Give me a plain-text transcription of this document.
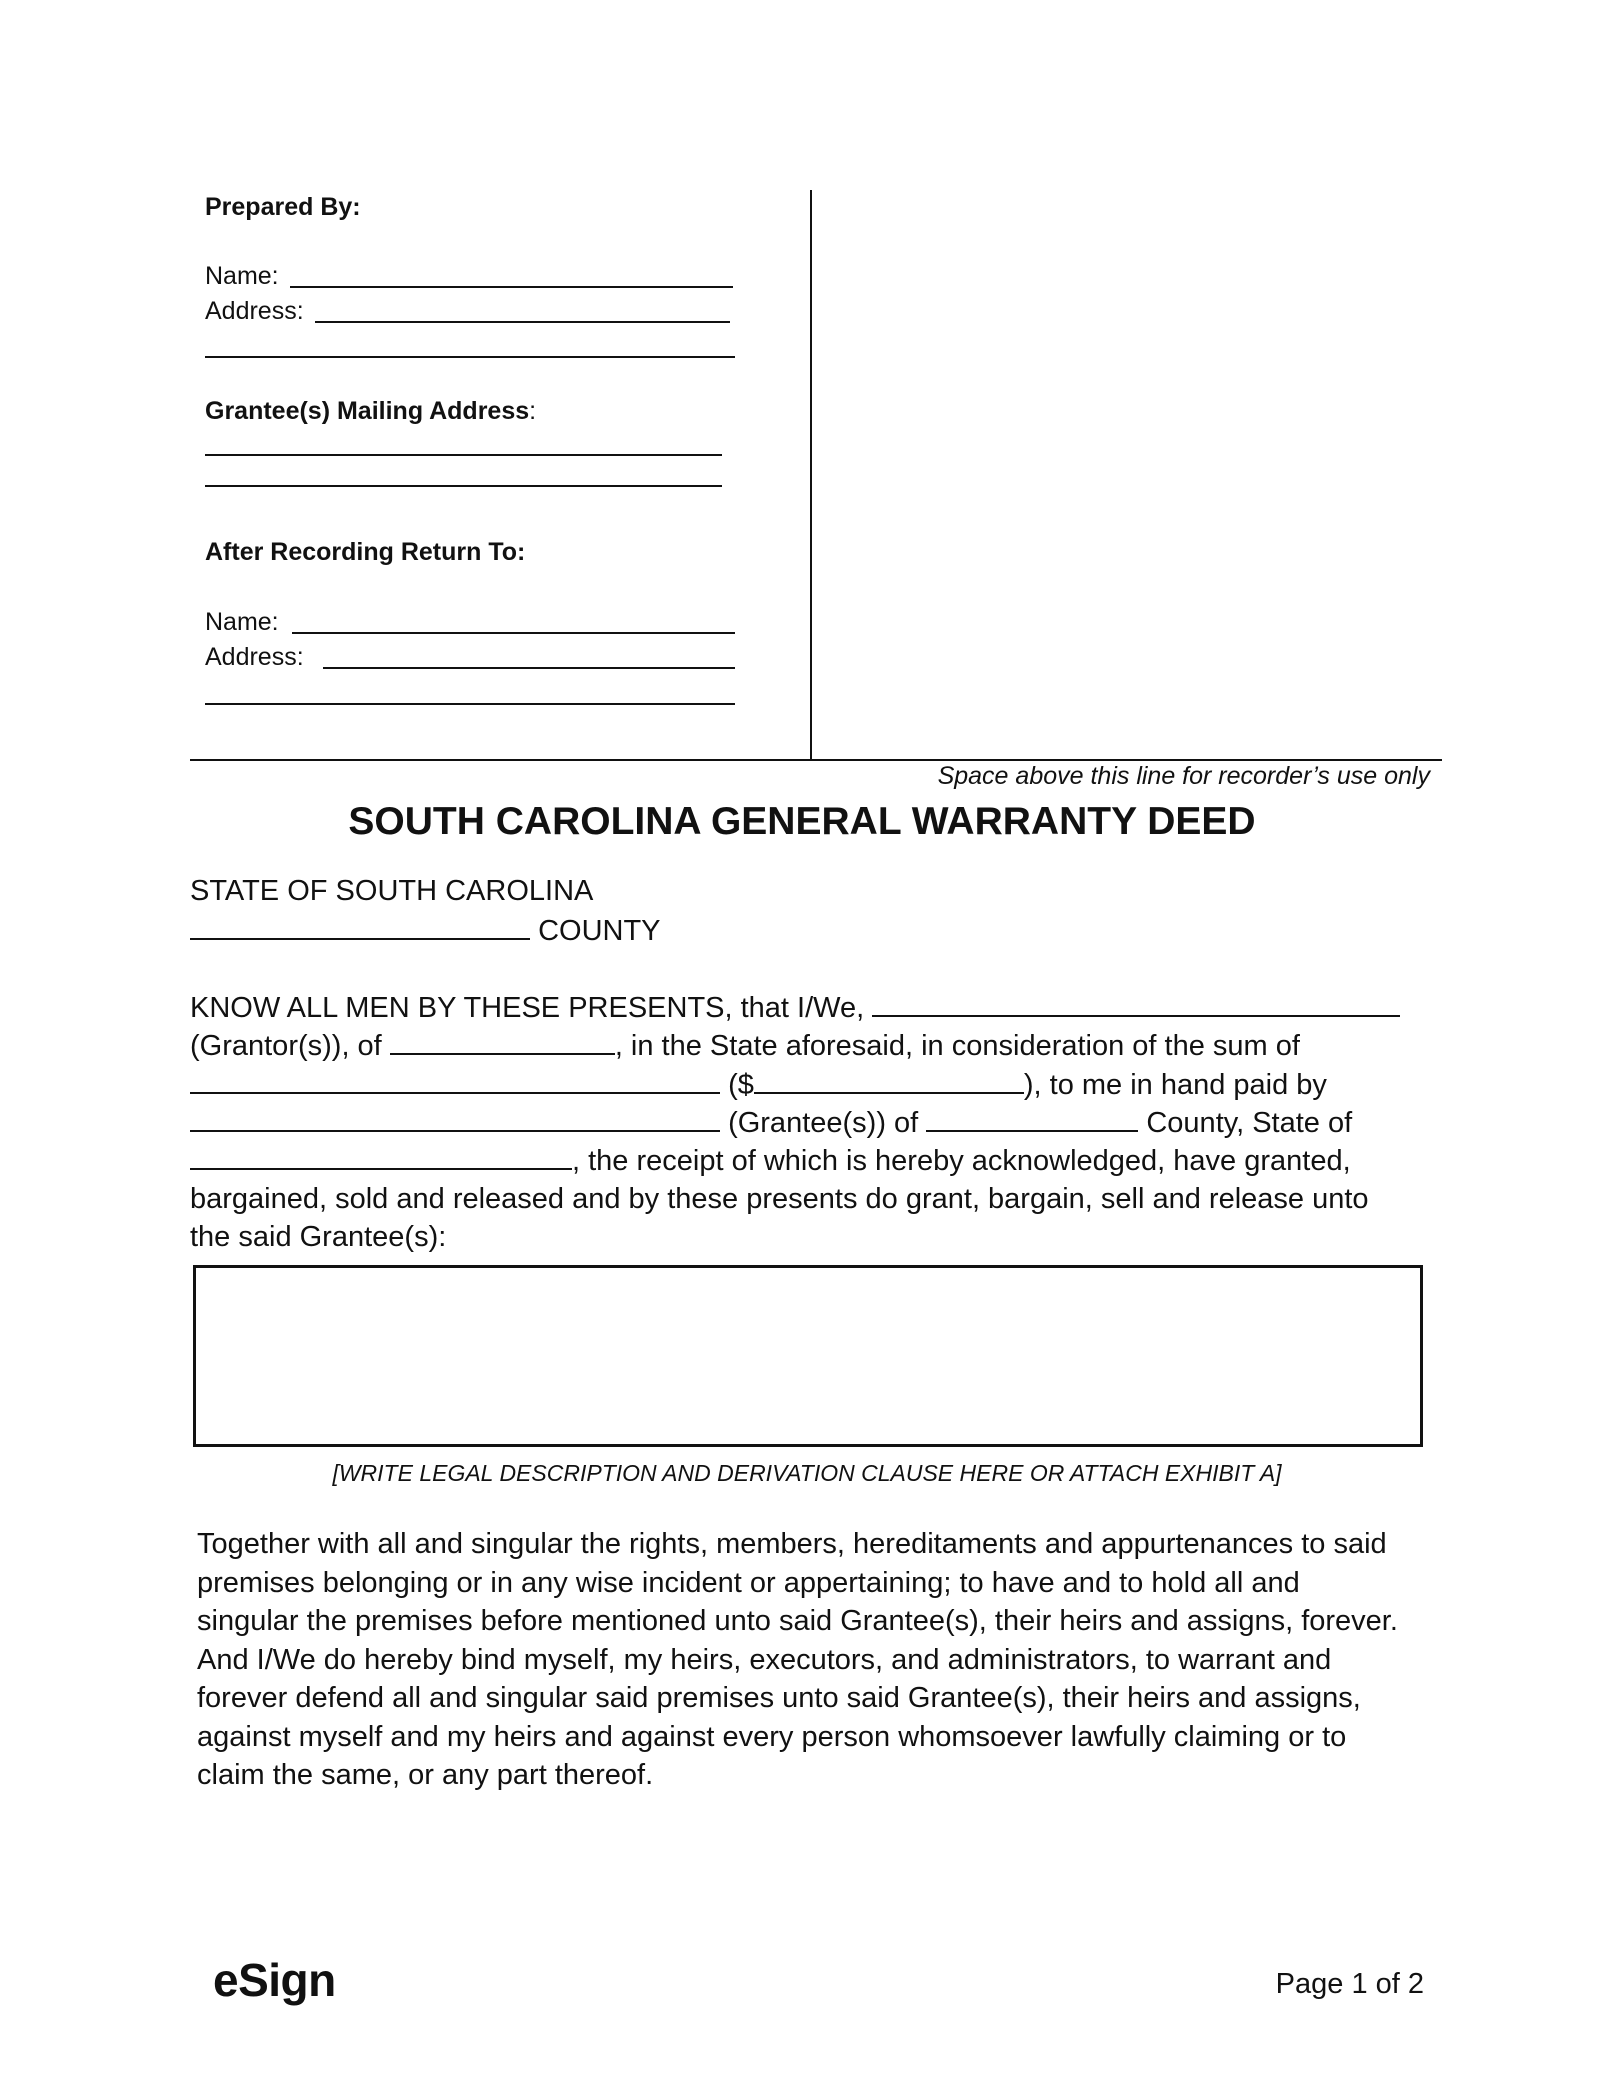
Prepared By:
Name:
Address:
Grantee(s) Mailing Address:
After Recording Return To:
Name:
Address:
Space above this line for recorder’s use only
SOUTH CAROLINA GENERAL WARRANTY DEED
STATE OF SOUTH CAROLINA
COUNTY
KNOW ALL MEN BY THESE PRESENTS, that I/We,
(Grantor(s)), of	, in the State aforesaid, in consideration of the sum of
($	), to me in hand paid by
(Grantee(s)) of	County, State of
, the receipt of which is hereby acknowledged, have granted,
bargained, sold and released and by these presents do grant, bargain, sell and release unto
the said Grantee(s):
[WRITE LEGAL DESCRIPTION AND DERIVATION CLAUSE HERE OR ATTACH EXHIBIT A]
Together with all and singular the rights, members, hereditaments and appurtenances to said
premises belonging or in any wise incident or appertaining; to have and to hold all and
singular the premises before mentioned unto said Grantee(s), their heirs and assigns, forever.
And I/We do hereby bind myself, my heirs, executors, and administrators, to warrant and
forever defend all and singular said premises unto said Grantee(s), their heirs and assigns,
against myself and my heirs and against every person whomsoever lawfully claiming or to
claim the same, or any part thereof.
eSign	Page 1 of 2
